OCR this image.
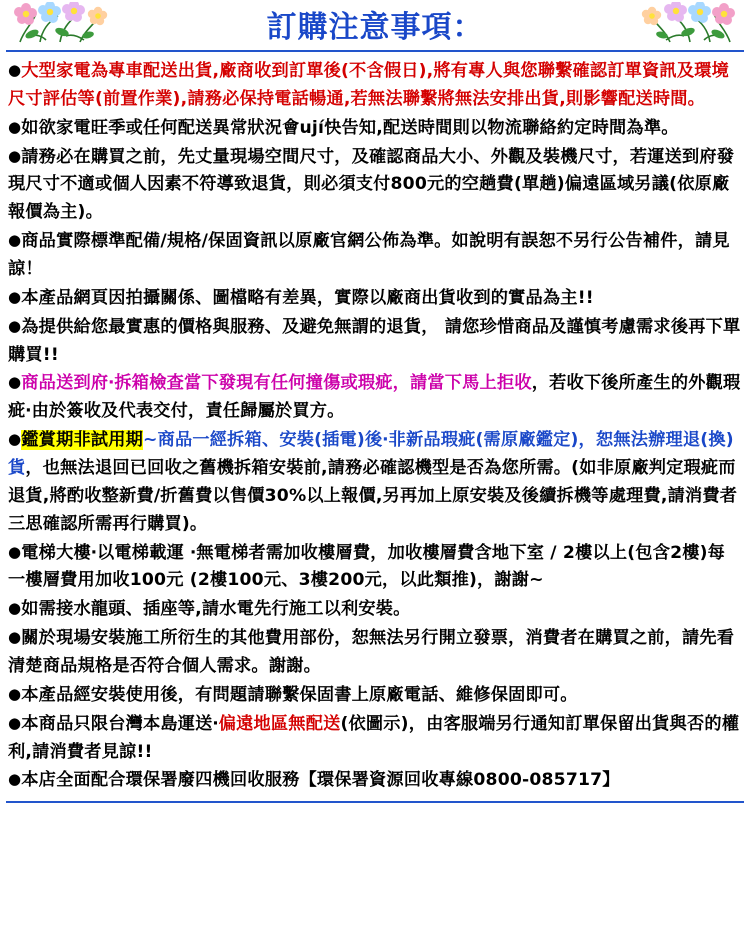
訂購注意事項：

●大型家電為專車配送出貨,廠商收到訂單後(不含假日),將有專人與您聯繫確認訂單資訊及環境尺寸評估等(前置作業),請務必保持電話暢通,若無法聯繫將無法安排出貨,則影響配送時間。

●如欲家電旺季或任何配送異常狀況會ují快告知,配送時間則以物流聯絡約定時間為準。

●請務必在購買之前，先丈量現場空間尺寸，及確認商品大小、外觀及裝機尺寸，若運送到府發現尺寸不適或個人因素不符導致退貨，則必須支付800元的空趟費(單趟)偏遠區域另議(依原廠報價為主)。

●商品實際標準配備/規格/保固資訊以原廠官網公佈為準。如說明有誤恕不另行公告補件，請見諒！

●本產品網頁因拍攝關係、圖檔略有差異，實際以廠商出貨收到的實品為主!!

●為提供給您最實惠的價格與服務、及避免無謂的退貨， 請您珍惜商品及謹慎考慮需求後再下單購買!!

●商品送到府‧拆箱檢查當下發現有任何撞傷或瑕疵，請當下馬上拒收，若收下後所產生的外觀瑕疵‧由於簽收及代表交付，責任歸屬於買方。

●鑑賞期非試用期~商品一經拆箱、安裝(插電)後‧非新品瑕疵(需原廠鑑定)，恕無法辦理退(換)貨，也無法退回已回收之舊機拆箱安裝前,請務必確認機型是否為您所需。(如非原廠判定瑕疵而退貨,將酌收整新費/折舊費以售價30%以上報價,另再加上原安裝及後續拆機等處理費,請消費者三思確認所需再行購買)。

●電梯大樓‧以電梯載運 ‧無電梯者需加收樓層費，加收樓層費含地下室 / 2樓以上(包含2樓)每一樓層費用加收100元 (2樓100元、3樓200元，以此類推)，謝謝~

●如需接水龍頭、插座等,請水電先行施工以利安裝。

●關於現場安裝施工所衍生的其他費用部份，恕無法另行開立發票，消費者在購買之前，請先看清楚商品規格是否符合個人需求。謝謝。

●本產品經安裝使用後，有問題請聯繫保固書上原廠電話、維修保固即可。

●本商品只限台灣本島運送‧偏遠地區無配送(依圖示)，由客服端另行通知訂單保留出貨與否的權利,請消費者見諒!!

●本店全面配合環保署廢四機回收服務【環保署資源回收專線0800-085717】
